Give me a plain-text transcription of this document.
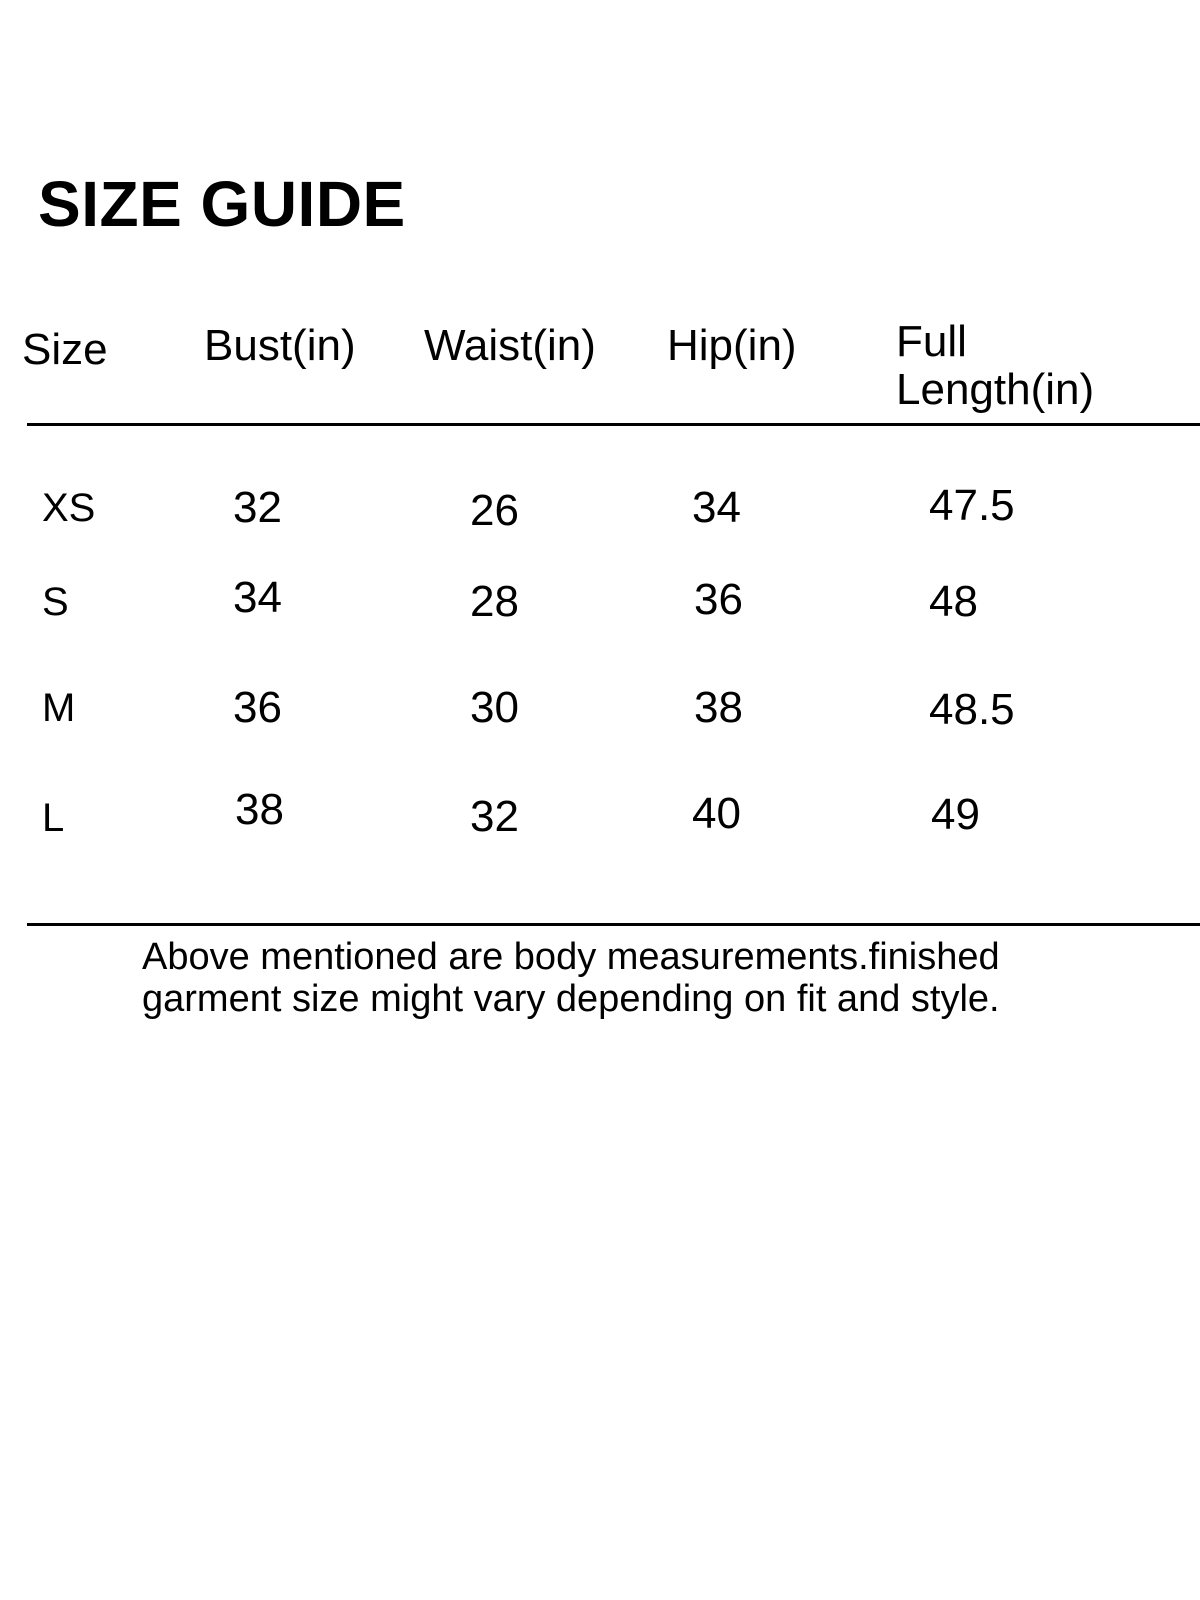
SIZE GUIDE
Size Bust(in) Waist(in) Hip(in) Full
Length(in)
XS	32	26	34	47.5
S	34	28	36	48
M	36	30	38	48.5
L	38	32	40	49
Above mentioned are body measurements.finished
garment size might vary depending on fit and style.
